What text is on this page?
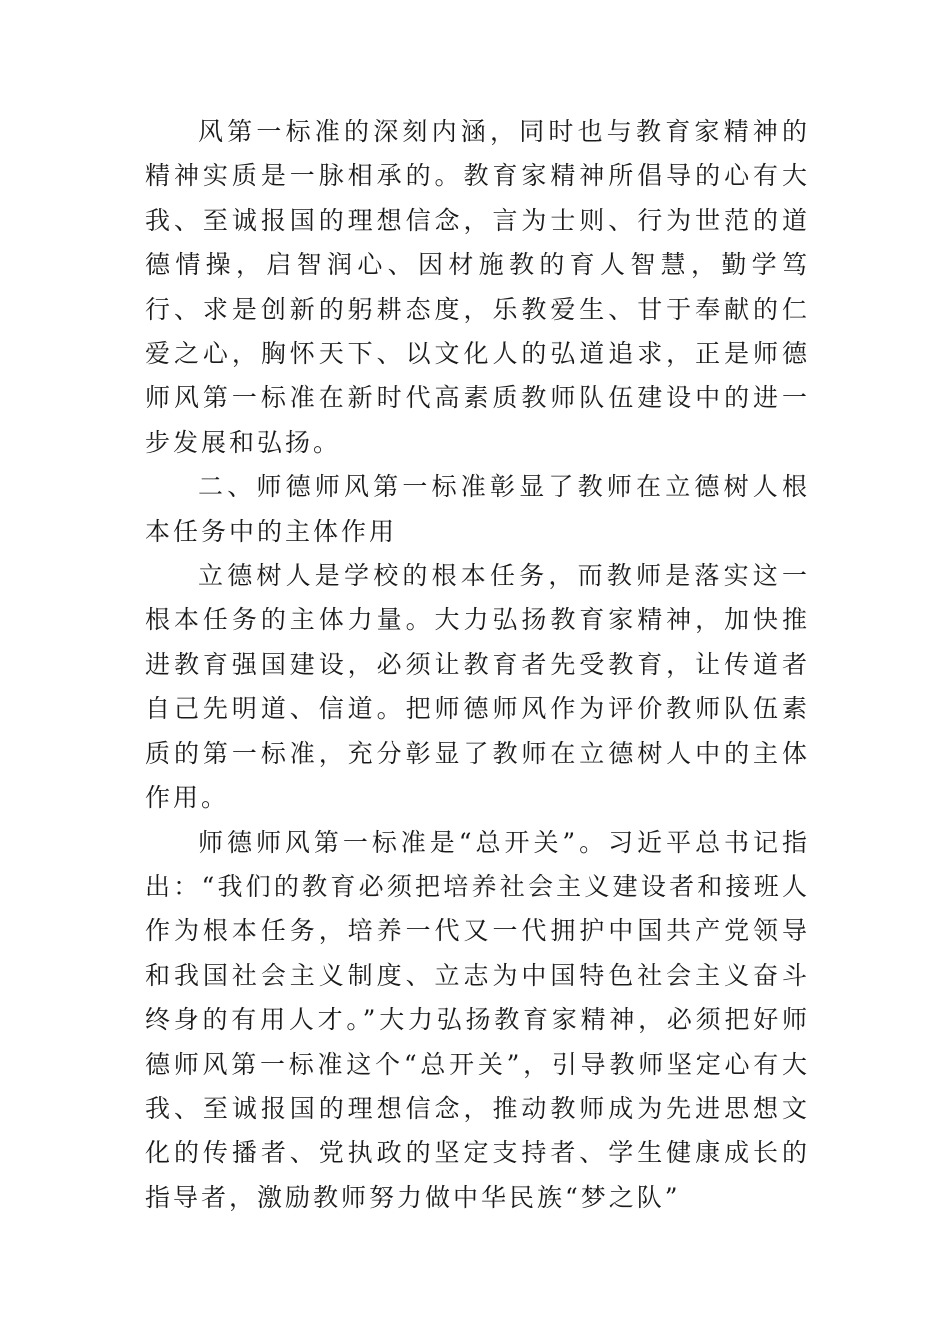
风第一标准的深刻内涵，同时也与教育家精神的精神实质是一脉相承的。教育家精神所倡导的心有大我、至诚报国的理想信念，言为士则、行为世范的道德情操，启智润心、因材施教的育人智慧，勤学笃行、求是创新的躬耕态度，乐教爱生、甘于奉献的仁爱之心，胸怀天下、以文化人的弘道追求，正是师德师风第一标准在新时代高素质教师队伍建设中的进一步发展和弘扬。

二、师德师风第一标准彰显了教师在立德树人根本任务中的主体作用

立德树人是学校的根本任务，而教师是落实这一根本任务的主体力量。大力弘扬教育家精神，加快推进教育强国建设，必须让教育者先受教育，让传道者自己先明道、信道。把师德师风作为评价教师队伍素质的第一标准，充分彰显了教师在立德树人中的主体作用。

师德师风第一标准是“总开关”。习近平总书记指出：“我们的教育必须把培养社会主义建设者和接班人作为根本任务，培养一代又一代拥护中国共产党领导和我国社会主义制度、立志为中国特色社会主义奋斗终身的有用人才。”大力弘扬教育家精神，必须把好师德师风第一标准这个“总开关”，引导教师坚定心有大我、至诚报国的理想信念，推动教师成为先进思想文化的传播者、党执政的坚定支持者、学生健康成长的指导者，激励教师努力做中华民族“梦之队”
